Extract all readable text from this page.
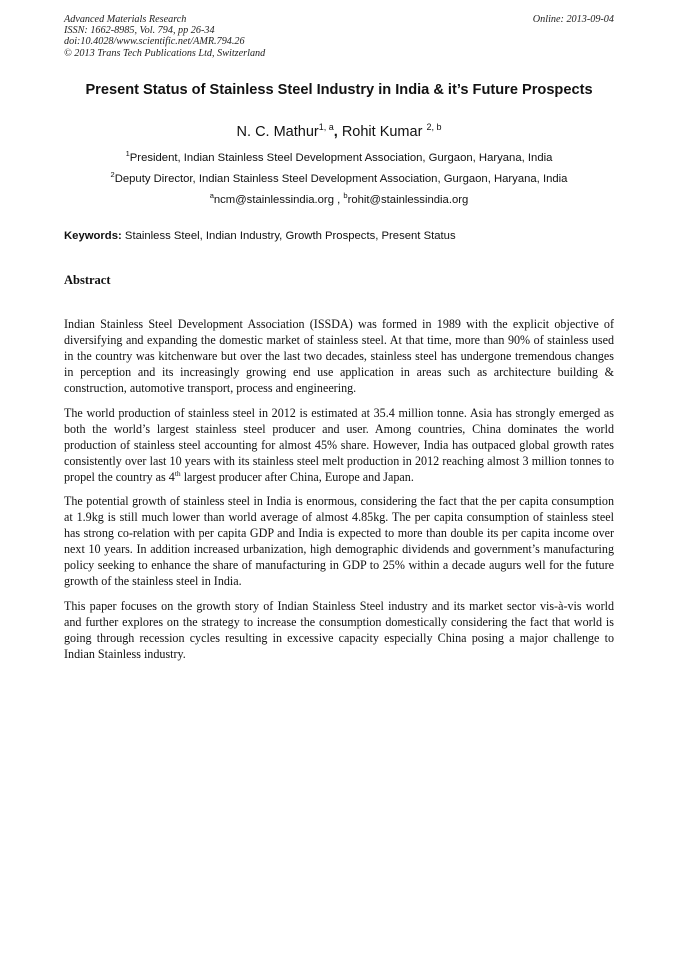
Advanced Materials Research
ISSN: 1662-8985, Vol. 794, pp 26-34
doi:10.4028/www.scientific.net/AMR.794.26
© 2013 Trans Tech Publications Ltd, Switzerland
Online: 2013-09-04
Present Status of Stainless Steel Industry in India & it’s Future Prospects
N. C. Mathur$^{1, a}$, Rohit Kumar $^{2, b}$
$^1$President, Indian Stainless Steel Development Association, Gurgaon, Haryana, India
$^2$Deputy Director, Indian Stainless Steel Development Association, Gurgaon, Haryana, India
$^a$ncm@stainlessindia.org , $^b$rohit@stainlessindia.org
Keywords: Stainless Steel, Indian Industry, Growth Prospects, Present Status
Abstract

Indian Stainless Steel Development Association (ISSDA) was formed in 1989 with the explicit objective of diversifying and expanding the domestic market of stainless steel. At that time, more than 90% of stainless used in the country was kitchenware but over the last two decades, stainless steel has undergone tremendous changes in perception and its increasingly growing end use application in areas such as architecture building & construction, automotive transport, process and engineering.

The world production of stainless steel in 2012 is estimated at 35.4 million tonne. Asia has strongly emerged as both the world’s largest stainless steel producer and user. Among countries, China dominates the world production of stainless steel accounting for almost 45% share. However, India has outpaced global growth rates consistently over last 10 years with its stainless steel melt production in 2012 reaching almost 3 million tonnes to propel the country as 4th largest producer after China, Europe and Japan.

The potential growth of stainless steel in India is enormous, considering the fact that the per capita consumption at 1.9kg is still much lower than world average of almost 4.85kg. The per capita consumption of stainless steel has strong co-relation with per capita GDP and India is expected to more than double its per capita income over next 10 years. In addition increased urbanization, high demographic dividends and government’s manufacturing policy seeking to enhance the share of manufacturing in GDP to 25% within a decade augurs well for the future growth of the stainless steel in India.

This paper focuses on the growth story of Indian Stainless Steel industry and its market sector vis-à-vis world and further explores on the strategy to increase the consumption domestically considering the fact that world is going through recession cycles resulting in excessive capacity especially China posing a major challenge to Indian Stainless industry.
